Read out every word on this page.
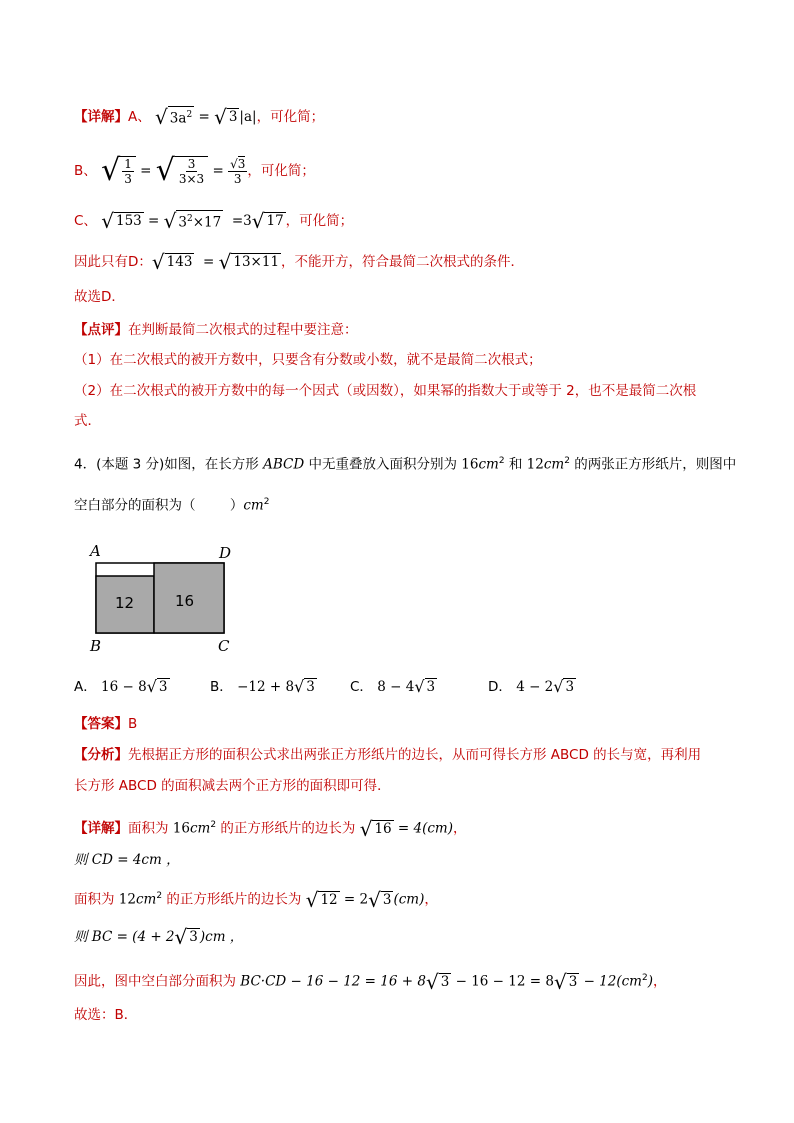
【详解】A、 √ $3a^2$ = √ 3 |a|，可化简；
B、 √ $\frac{1}{3}$ = √ $\frac{3}{3\times 3} = \frac{√3}{3}$ ，可化简；
C、 √ 153 = √ $3^2\times 17 =3√$ 17 ，可化简；
因此只有D：√ 143  = √ 13×11 ，不能开方，符合最简二次根式的条件．
故选D．
【点评】在判断最简二次根式的过程中要注意：
（1）在二次根式的被开方数中，只要含有分数或小数，就不是最简二次根式；
（2）在二次根式的被开方数中的每一个因式（或因数），如果幂的指数大于或等于 2，也不是最简二次根
式．
4．(本题 3 分)如图，在长方形 ABCD 中无重叠放入面积分别为 $16cm^2$ 和 $12cm^2$ 的两张正方形纸片，则图中
空白部分的面积为（        ）$cm^2$
A	D
12	16
B	C
A． 16 − 8√ 3	B． −12 + 8√ 3	C． 8 − 4√ 3	D． 4 − 2√ 3
【答案】B
【分析】先根据正方形的面积公式求出两张正方形纸片的边长，从而可得长方形 ABCD 的长与宽，再利用
长方形 ABCD 的面积减去两个正方形的面积即可得．
【详解】面积为 $16cm^2$ 的正方形纸片的边长为 √ 16 = 4(cm)，
则 CD = 4cm ，
面积为 $12cm^2$ 的正方形纸片的边长为 √ 12 = 2√ 3 (cm)，
则 BC = (4 + 2√ 3 )cm ，
因此，图中空白部分面积为 BC·CD − 16 − 12 = 16 + 8√ 3 − 16 − 12 = 8√ $3 - 12(cm^2)$，
故选：B．
